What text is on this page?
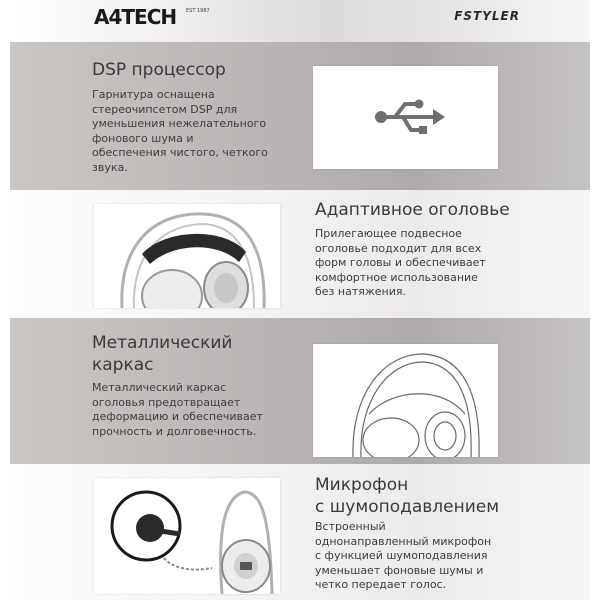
A4TECH EST 1987	FSTYLER
DSP процессор
Гарнитура оснащена
стереочипсетом DSP для
уменьшения нежелательного
фонового шума и
обеспечения чистого, четкого
звука.
Адаптивное оголовье
Прилегающее подвесное
оголовье подходит для всех
форм головы и обеспечивает
комфортное использование
без натяжения.
Металлический
каркас
Металлический каркас
оголовья предотвращает
деформацию и обеспечивает
прочность и долговечность.
Микрофон
с шумоподавлением
Встроенный
однонаправленный микрофон
с функцией шумоподавления
уменьшает фоновые шумы и
четко передает голос.
